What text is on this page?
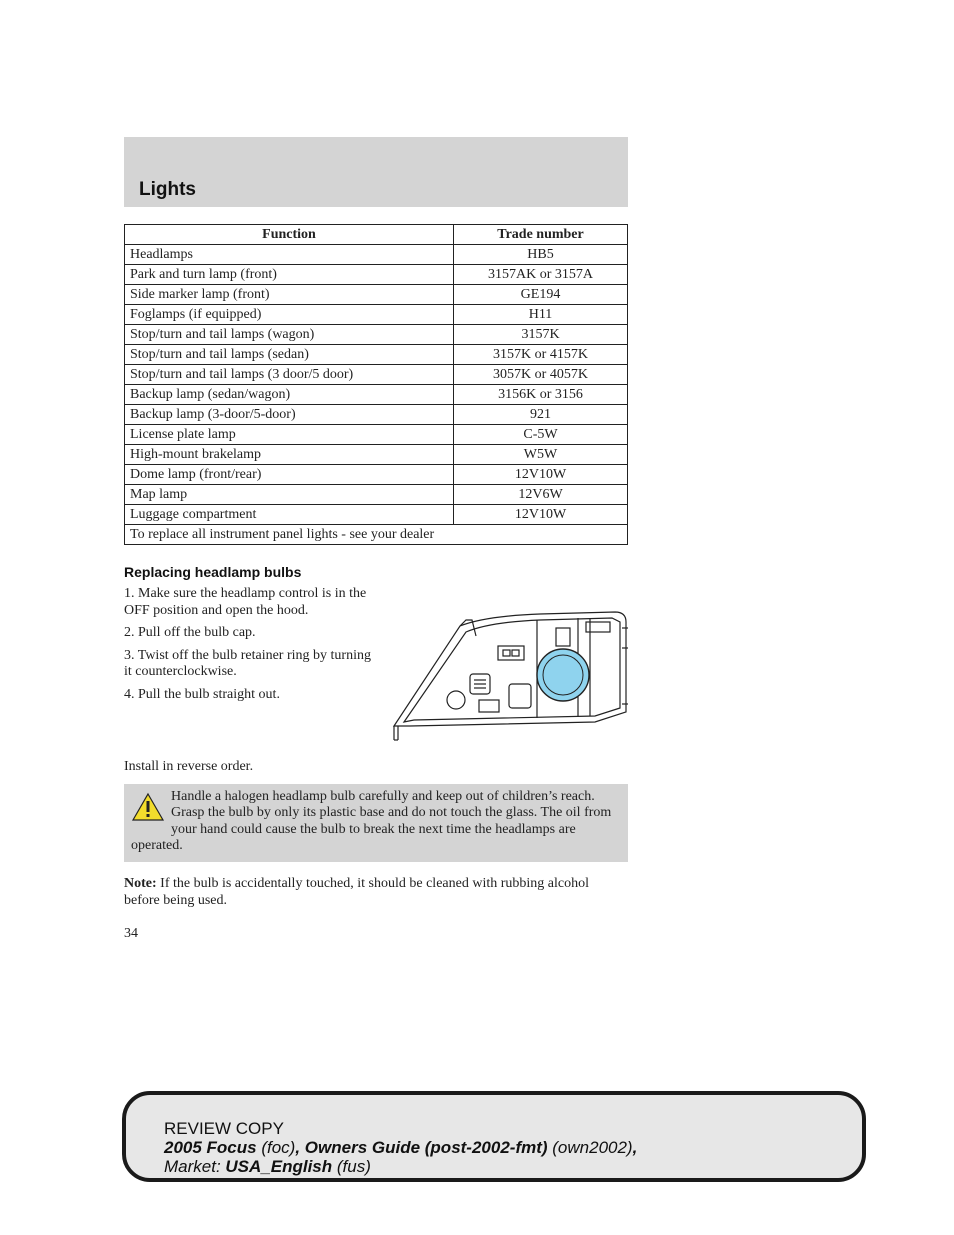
Lights
Function	Trade number
Headlamps	HB5
Park and turn lamp (front)	3157AK or 3157A
Side marker lamp (front)	GE194
Foglamps (if equipped)	H11
Stop/turn and tail lamps (wagon)	3157K
Stop/turn and tail lamps (sedan)	3157K or 4157K
Stop/turn and tail lamps (3 door/5 door)	3057K or 4057K
Backup lamp (sedan/wagon)	3156K or 3156
Backup lamp (3-door/5-door)	921
License plate lamp	C-5W
High-mount brakelamp	W5W
Dome lamp (front/rear)	12V10W
Map lamp	12V6W
Luggage compartment	12V10W
To replace all instrument panel lights - see your dealer	
Replacing headlamp bulbs

1. Make sure the headlamp control is in the OFF position and open the hood.

2. Pull off the bulb cap.

3. Twist off the bulb retainer ring by turning it counterclockwise.

4. Pull the bulb straight out.

Install in reverse order.
Handle a halogen headlamp bulb carefully and keep out of children’s reach. Grasp the bulb by only its plastic base and do not touch the glass. The oil from your hand could cause the bulb to break the next time the headlamps are operated.
Note: If the bulb is accidentally touched, it should be cleaned with rubbing alcohol before being used.
34
REVIEW COPY
2005 Focus (foc), Owners Guide (post-2002-fmt) (own2002),
Market: USA_English (fus)
